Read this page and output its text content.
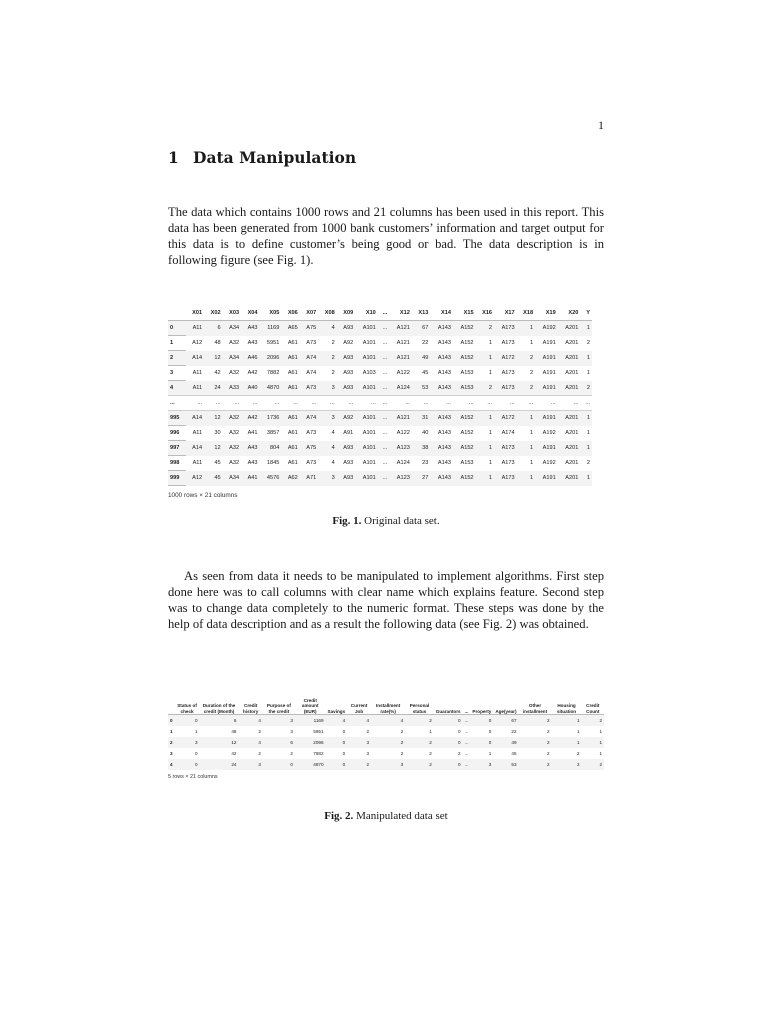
1
1 Data Manipulation

The data which contains 1000 rows and 21 columns has been used in this report. This data has been generated from 1000 bank customers’ information and target output for this data is to define customer’s being good or bad. The data description is in following figure (see Fig. 1).

	X01	X02	X03	X04	X05	X06	X07	X08	X09	X10	...	X12	X13	X14	X15	X16	X17	X18	X19	X20	Y
0	A11	6	A34	A43	1169	A65	A75	4	A93	A101	...	A121	67	A143	A152	2	A173	1	A192	A201	1
1	A12	48	A32	A43	5951	A61	A73	2	A92	A101	...	A121	22	A143	A152	1	A173	1	A191	A201	2
2	A14	12	A34	A46	2096	A61	A74	2	A93	A101	...	A121	49	A143	A152	1	A172	2	A191	A201	1
3	A11	42	A32	A42	7882	A61	A74	2	A93	A103	...	A122	45	A143	A153	1	A173	2	A191	A201	1
4	A11	24	A33	A40	4870	A61	A73	3	A93	A101	...	A124	53	A143	A153	2	A173	2	A191	A201	2
...	...	...	...	...	...	...	...	...	...	...	...	...	...	...	...	...	...	...	...	...	...
995	A14	12	A32	A42	1736	A61	A74	3	A92	A101	...	A121	31	A143	A152	1	A172	1	A191	A201	1
996	A11	30	A32	A41	3857	A61	A73	4	A91	A101	...	A122	40	A143	A152	1	A174	1	A192	A201	1
997	A14	12	A32	A43	804	A61	A75	4	A93	A101	...	A123	38	A143	A152	1	A173	1	A191	A201	1
998	A11	45	A32	A43	1845	A61	A73	4	A93	A101	...	A124	23	A143	A153	1	A173	1	A192	A201	2
999	A12	45	A34	A41	4576	A62	A71	3	A93	A101	...	A123	27	A143	A152	1	A173	1	A191	A201	1
1000 rows × 21 columns

Fig. 1. Original data set.

As seen from data it needs to be manipulated to implement algorithms. First step done here was to call columns with clear name which explains feature. Second step was to change data completely to the numeric format. These steps was done by the help of data description and as a result the following data (see Fig. 2) was obtained.

	Status of check	Duration of the credit (Month)	Credit history	Purpose of the credit	Credit amount (EUR)	Savings	Current Job	Installment rate(%)	Personal status	Guarantors	...	Property	Age(year)	Other installment	Housing situation	Credit Count
0	0	6	4	3	1169	4	4	4	2	0	...	0	67	2	1	2
1	1	48	2	3	5951	0	2	2	1	0	...	0	22	2	1	1
2	3	12	4	6	2096	0	3	2	2	0	...	0	49	2	1	1
3	0	42	2	2	7882	0	3	2	2	2	...	1	45	2	2	1
4	0	24	3	0	4870	0	2	3	2	0	...	3	53	2	2	2
5 rows × 21 columns

Fig. 2. Manipulated data set
